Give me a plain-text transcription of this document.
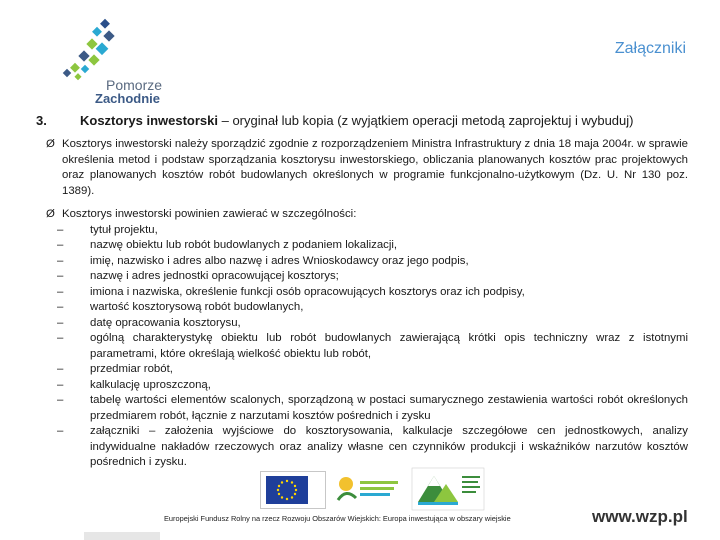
Pomorze
Zachodnie
Załączniki
3.	Kosztorys inwestorski – oryginał lub kopia (z wyjątkiem operacji metodą zaprojektuj i wybuduj)
Ø Kosztorys inwestorski należy sporządzić zgodnie z rozporządzeniem Ministra Infrastruktury z dnia 18 maja 2004r. w sprawie określenia metod i podstaw sporządzania kosztorysu inwestorskiego, obliczania planowanych kosztów prac projektowych oraz planowanych kosztów robót budowlanych określonych w programie funkcjonalno-użytkowym (Dz. U. Nr 130 poz. 1389).
Ø Kosztorys inwestorski powinien zawierać w szczególności:
– tytuł projektu,
– nazwę obiektu lub robót budowlanych z podaniem lokalizacji,
– imię, nazwisko i adres albo nazwę i adres Wnioskodawcy oraz jego podpis,
– nazwę i adres jednostki opracowującej kosztorys;
– imiona i nazwiska, określenie funkcji osób opracowujących kosztorys oraz ich podpisy,
– wartość kosztorysową robót budowlanych,
– datę opracowania kosztorysu,
– ogólną charakterystykę obiektu lub robót budowlanych zawierającą krótki opis techniczny wraz z istotnymi parametrami, które określają wielkość obiektu lub robót,
– przedmiar robót,
– kalkulację uproszczoną,
– tabelę wartości elementów scalonych, sporządzoną w postaci sumarycznego zestawienia wartości robót określonych przedmiarem robót, łącznie z narzutami kosztów pośrednich i zysku
– załączniki – założenia wyjściowe do kosztorysowania, kalkulacje szczegółowe cen jednostkowych, analizy indywidualne nakładów rzeczowych oraz analizy własne cen czynników produkcji i wskaźników narzutów kosztów pośrednich i zysku.
Europejski Fundusz Rolny na rzecz Rozwoju Obszarów Wiejskich: Europa inwestująca w obszary wiejskie	www.wzp.pl
